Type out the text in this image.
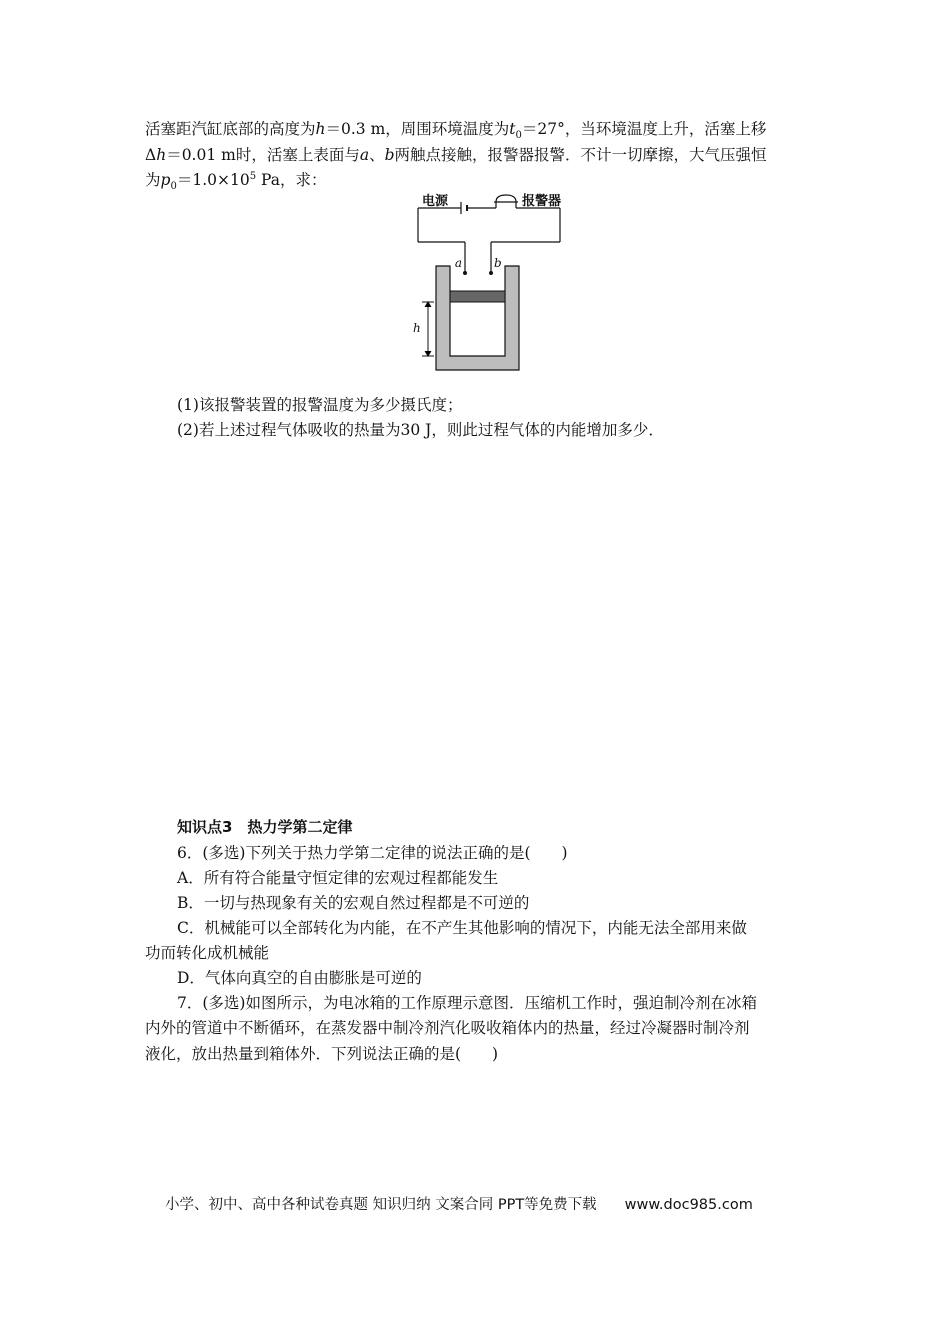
活塞距汽缸底部的高度为h＝0.3 m，周围环境温度为$t_0=27^\circ$，当环境温度上升，活塞上移
Δh＝0.01 m时，活塞上表面与a、b两触点接触，报警器报警．不计一切摩擦，大气压强恒
为$p_0=1.0\times 10^5$ Pa，求：
电源	报警器
a	b
h
(1)该报警装置的报警温度为多少摄氏度；
(2)若上述过程气体吸收的热量为30 J，则此过程气体的内能增加多少．
知识点3　热力学第二定律
6．(多选)下列关于热力学第二定律的说法正确的是(　　)
A．所有符合能量守恒定律的宏观过程都能发生
B．一切与热现象有关的宏观自然过程都是不可逆的
C．机械能可以全部转化为内能，在不产生其他影响的情况下，内能无法全部用来做
功而转化成机械能
D．气体向真空的自由膨胀是可逆的
7．(多选)如图所示，为电冰箱的工作原理示意图．压缩机工作时，强迫制冷剂在冰箱
内外的管道中不断循环，在蒸发器中制冷剂汽化吸收箱体内的热量，经过冷凝器时制冷剂
液化，放出热量到箱体外．下列说法正确的是(　　)
小学、初中、高中各种试卷真题 知识归纳 文案合同 PPT等免费下载 www.doc985.com
